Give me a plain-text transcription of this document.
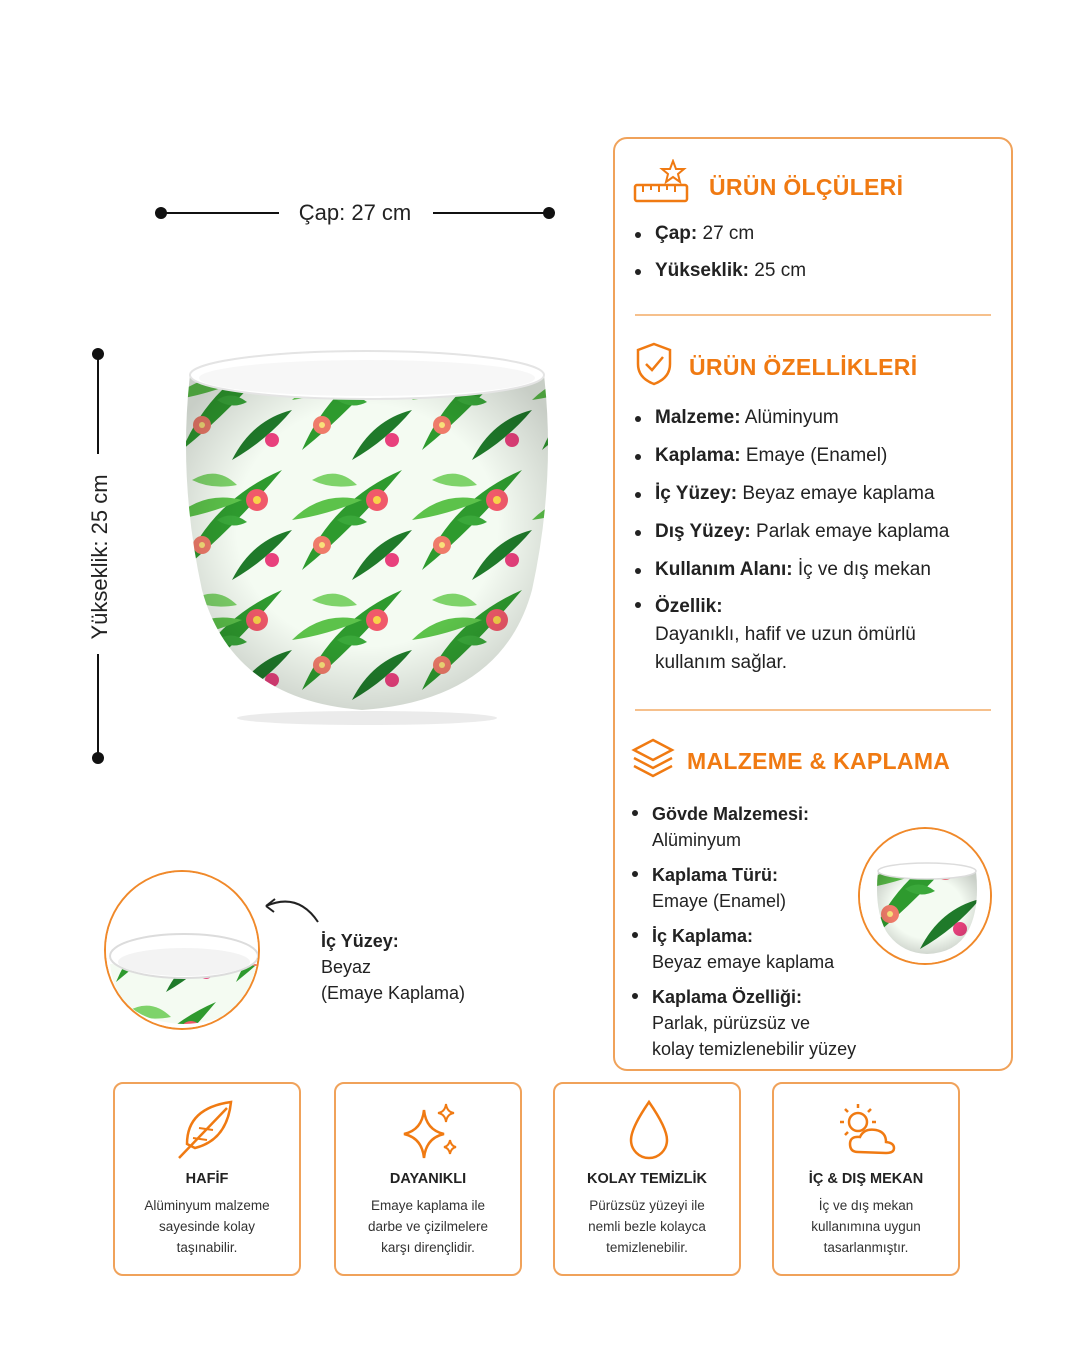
Çap: 27 cm
Yükseklik: 25 cm
İç Yüzey:
Beyaz
(Emaye Kaplama)
ÜRÜN ÖLÇÜLERİ
Çap: 27 cm
Yükseklik: 25 cm
ÜRÜN ÖZELLİKLERİ
Malzeme: Alüminyum
Kaplama: Emaye (Enamel)
İç Yüzey: Beyaz emaye kaplama
Dış Yüzey: Parlak emaye kaplama
Kullanım Alanı: İç ve dış mekan
Özellik:
Dayanıklı, hafif ve uzun ömürlü
kullanım sağlar.
MALZEME & KAPLAMA
Gövde Malzemesi:
Alüminyum
Kaplama Türü:
Emaye (Enamel)
İç Kaplama:
Beyaz emaye kaplama
Kaplama Özelliği:
Parlak, pürüzsüz ve
kolay temizlenebilir yüzey
HAFİF
Alüminyum malzeme
sayesinde kolay
taşınabilir.
DAYANIKLI
Emaye kaplama ile
darbe ve çizilmelere
karşı dirençlidir.
KOLAY TEMİZLİK
Pürüzsüz yüzeyi ile
nemli bezle kolayca
temizlenebilir.
İÇ & DIŞ MEKAN
İç ve dış mekan
kullanımına uygun
tasarlanmıştır.
